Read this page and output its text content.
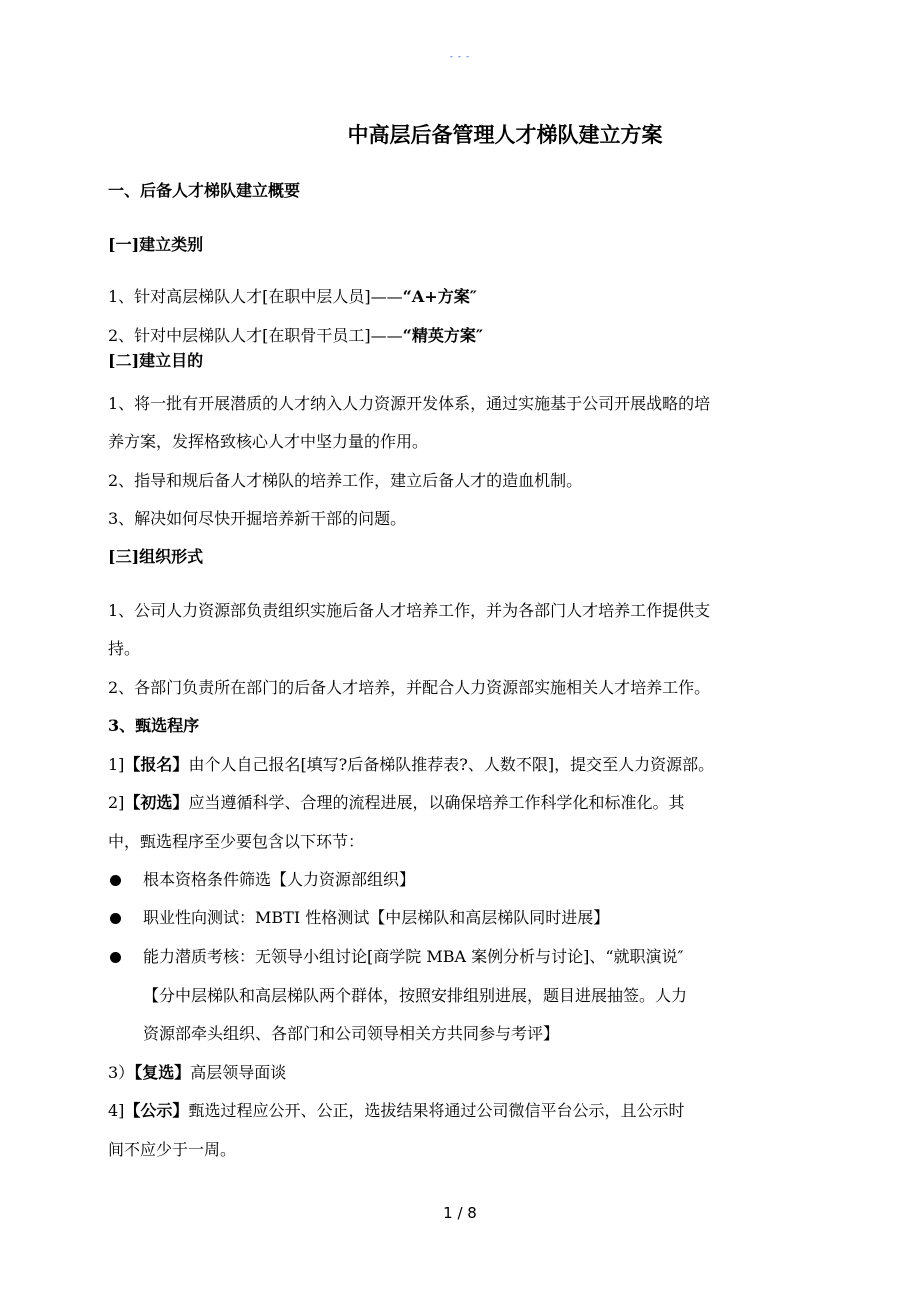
- - -
中高层后备管理人才梯队建立方案
一、后备人才梯队建立概要
[一]建立类别
1、针对高层梯队人才[在职中层人员]——“A+方案″
2、针对中层梯队人才[在职骨干员工]——“精英方案″
[二]建立目的
1、将一批有开展潜质的人才纳入人力资源开发体系，通过实施基于公司开展战略的培
养方案，发挥格致核心人才中坚力量的作用。
2、指导和规后备人才梯队的培养工作，建立后备人才的造血机制。
3、解决如何尽快开掘培养新干部的问题。
[三]组织形式
1、公司人力资源部负责组织实施后备人才培养工作，并为各部门人才培养工作提供支
持。
2、各部门负责所在部门的后备人才培养，并配合人力资源部实施相关人才培养工作。
3、甄选程序
1]【报名】由个人自己报名[填写?后备梯队推荐表?、人数不限]，提交至人力资源部。
2]【初选】应当遵循科学、合理的流程进展，以确保培养工作科学化和标准化。其
中，甄选程序至少要包含以下环节：
根本资格条件筛选【人力资源部组织】
职业性向测试：MBTI 性格测试【中层梯队和高层梯队同时进展】
能力潜质考核：无领导小组讨论[商学院 MBA 案例分析与讨论]、“就职演说″
【分中层梯队和高层梯队两个群体，按照安排组别进展，题目进展抽签。人力
资源部牵头组织、各部门和公司领导相关方共同参与考评】
3）【复选】高层领导面谈
4]【公示】甄选过程应公开、公正，选拔结果将通过公司微信平台公示，且公示时
间不应少于一周。
1 / 8
